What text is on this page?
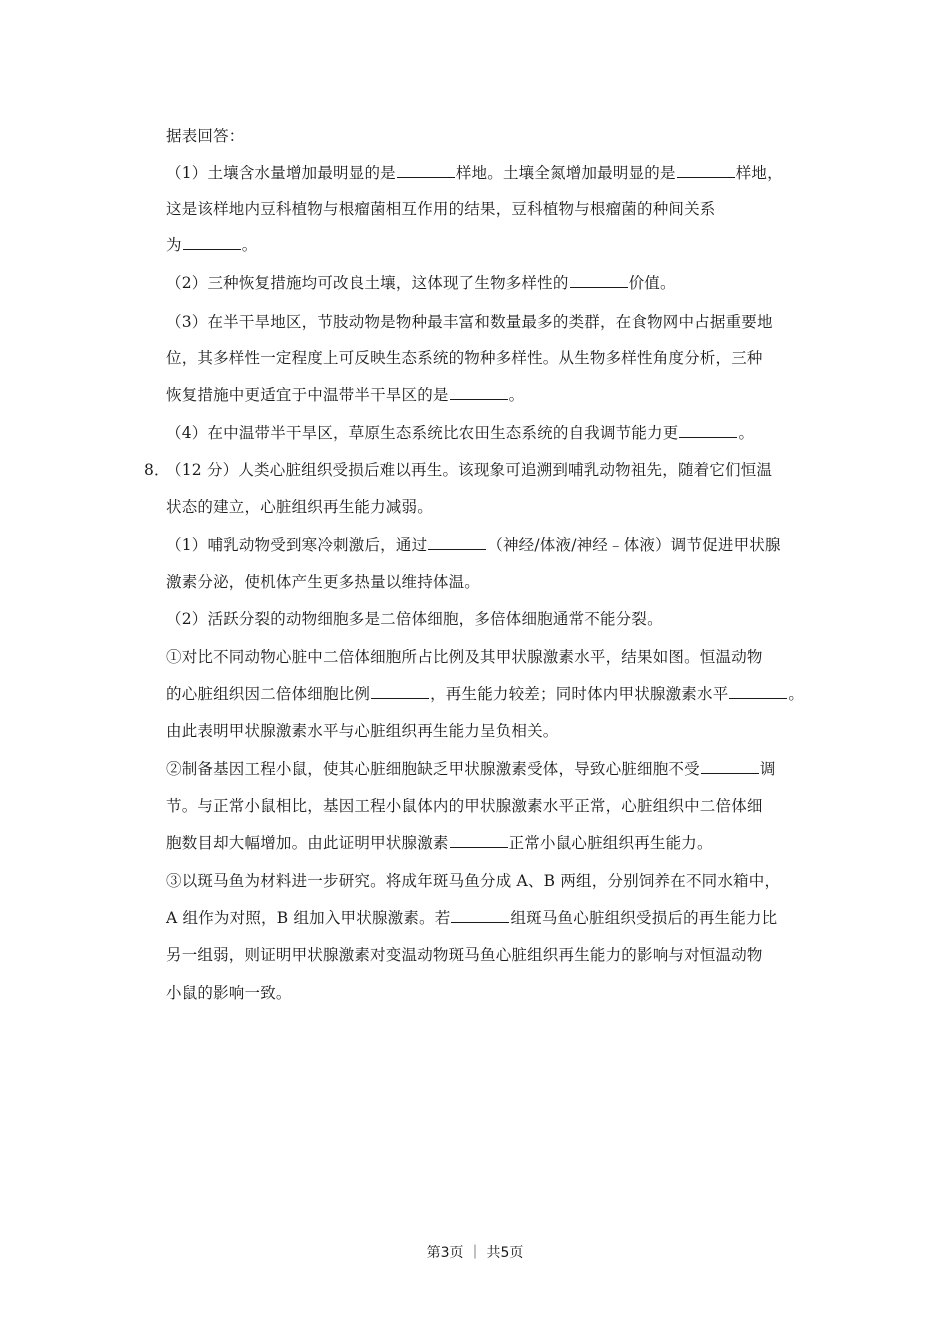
据表回答：
（1）土壤含水量增加最明显的是	样地。土壤全氮增加最明显的是	样地，
这是该样地内豆科植物与根瘤菌相互作用的结果，豆科植物与根瘤菌的种间关系
为	。
（2）三种恢复措施均可改良土壤，这体现了生物多样性的	价值。
（3）在半干旱地区，节肢动物是物种最丰富和数量最多的类群，在食物网中占据重要地
位，其多样性一定程度上可反映生态系统的物种多样性。从生物多样性角度分析，三种
恢复措施中更适宜于中温带半干旱区的是	。
（4）在中温带半干旱区，草原生态系统比农田生态系统的自我调节能力更	。
8．
（12 分）人类心脏组织受损后难以再生。该现象可追溯到哺乳动物祖先，随着它们恒温
状态的建立，心脏组织再生能力减弱。
（1）哺乳动物受到寒冷刺激后，通过	（神经/体液/神经﹣体液）调节促进甲状腺
激素分泌，使机体产生更多热量以维持体温。
（2）活跃分裂的动物细胞多是二倍体细胞，多倍体细胞通常不能分裂。
①对比不同动物心脏中二倍体细胞所占比例及其甲状腺激素水平，结果如图。恒温动物
的心脏组织因二倍体细胞比例	，再生能力较差；同时体内甲状腺激素水平	。
由此表明甲状腺激素水平与心脏组织再生能力呈负相关。
②制备基因工程小鼠，使其心脏细胞缺乏甲状腺激素受体，导致心脏细胞不受	调
节。与正常小鼠相比，基因工程小鼠体内的甲状腺激素水平正常，心脏组织中二倍体细
胞数目却大幅增加。由此证明甲状腺激素	正常小鼠心脏组织再生能力。
③以斑马鱼为材料进一步研究。将成年斑马鱼分成 A、B 两组，分别饲养在不同水箱中，
A 组作为对照，B 组加入甲状腺激素。若	组斑马鱼心脏组织受损后的再生能力比
另一组弱，则证明甲状腺激素对变温动物斑马鱼心脏组织再生能力的影响与对恒温动物
小鼠的影响一致。
第3页 ｜ 共5页
